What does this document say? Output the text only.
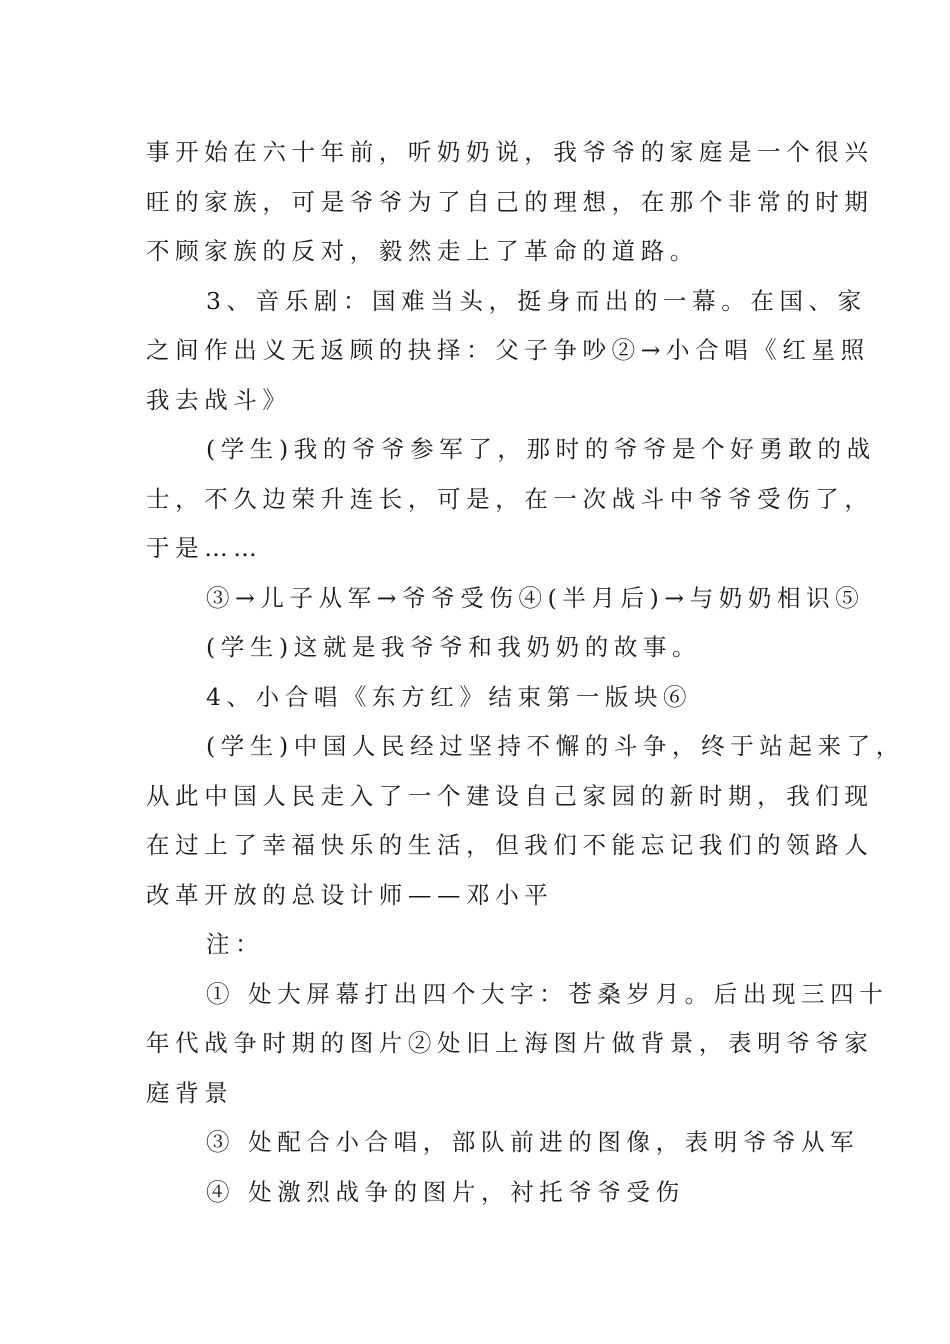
事开始在六十年前，听奶奶说，我爷爷的家庭是一个很兴
旺的家族，可是爷爷为了自己的理想，在那个非常的时期
不顾家族的反对，毅然走上了革命的道路。
3、音乐剧：国难当头，挺身而出的一幕。在国、家
之间作出义无返顾的抉择：父子争吵②→小合唱《红星照
我去战斗》
(学生)我的爷爷参军了，那时的爷爷是个好勇敢的战
士，不久边荣升连长，可是，在一次战斗中爷爷受伤了，
于是……
③→儿子从军→爷爷受伤④(半月后)→与奶奶相识⑤
(学生)这就是我爷爷和我奶奶的故事。
4、小合唱《东方红》结束第一版块⑥
(学生)中国人民经过坚持不懈的斗争，终于站起来了，
从此中国人民走入了一个建设自己家园的新时期，我们现
在过上了幸福快乐的生活，但我们不能忘记我们的领路人
改革开放的总设计师——邓小平
注：
① 处大屏幕打出四个大字：苍桑岁月。后出现三四十
年代战争时期的图片②处旧上海图片做背景，表明爷爷家
庭背景
③ 处配合小合唱，部队前进的图像，表明爷爷从军
④ 处激烈战争的图片，衬托爷爷受伤
